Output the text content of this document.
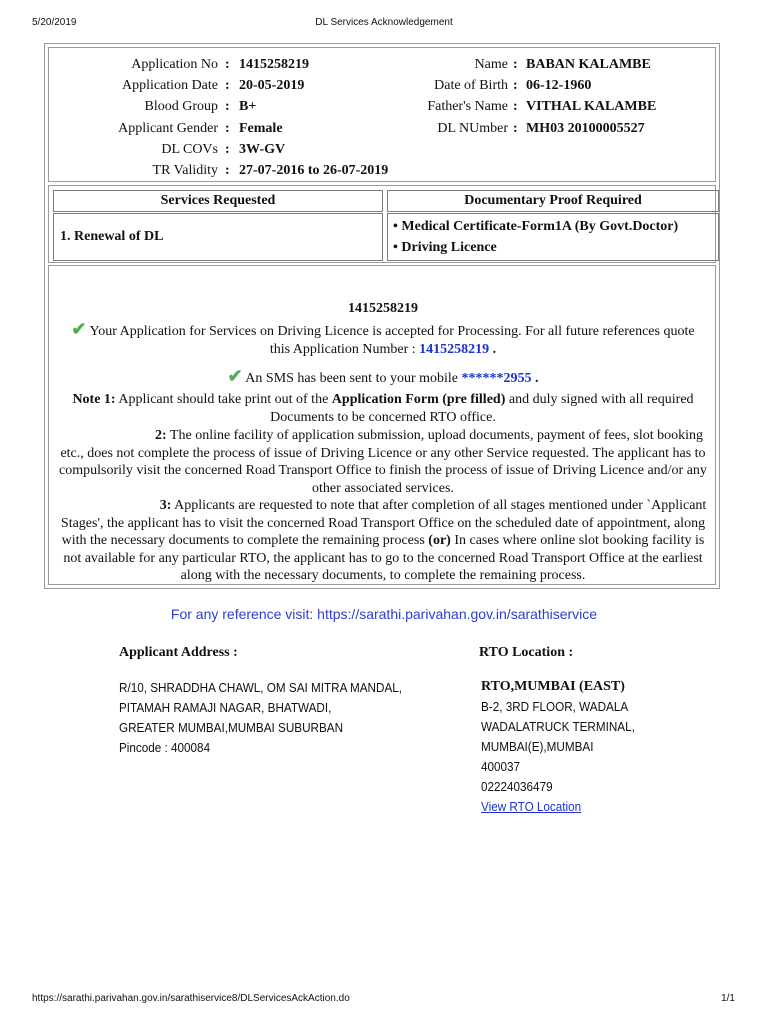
5/20/2019	DL Services Acknowledgement
Application No : 1415258219
Application Date : 20-05-2019
Blood Group : B+
Applicant Gender : Female
DL COVs : 3W-GV
TR Validity : 27-07-2016 to 26-07-2019
Name : BABAN KALAMBE
Date of Birth : 06-12-1960
Father's Name : VITHAL KALAMBE
DL NUmber : MH03 20100005527
Services Requested	Documentary Proof Required
1. Renewal of DL
• Medical Certificate-Form1A (By Govt.Doctor)
• Driving Licence
1415258219
✔ Your Application for Services on Driving Licence is accepted for Processing. For all future references quote this Application Number : 1415258219 .
✔ An SMS has been sent to your mobile ******2955 .
Note 1: Applicant should take print out of the Application Form (pre filled) and duly signed with all required Documents to be concerned RTO office.
2: The online facility of application submission, upload documents, payment of fees, slot booking etc., does not complete the process of issue of Driving Licence or any other Service requested. The applicant has to compulsorily visit the concerned Road Transport Office to finish the process of issue of Driving Licence and/or any other associated services.
3: Applicants are requested to note that after completion of all stages mentioned under `Applicant Stages', the applicant has to visit the concerned Road Transport Office on the scheduled date of appointment, along with the necessary documents to complete the remaining process (or) In cases where online slot booking facility is not available for any particular RTO, the applicant has to go to the concerned Road Transport Office at the earliest along with the necessary documents, to complete the remaining process.
For any reference visit: https://sarathi.parivahan.gov.in/sarathiservice
Applicant Address :
R/10, SHRADDHA CHAWL, OM SAI MITRA MANDAL,
PITAMAH RAMAJI NAGAR, BHATWADI,
GREATER MUMBAI,MUMBAI SUBURBAN
Pincode : 400084
RTO Location :
RTO,MUMBAI (EAST)
B-2, 3RD FLOOR, WADALA
WADALATRUCK TERMINAL,
MUMBAI(E),MUMBAI
400037
02224036479
View RTO Location
https://sarathi.parivahan.gov.in/sarathiservice8/DLServicesAckAction.do	1/1
